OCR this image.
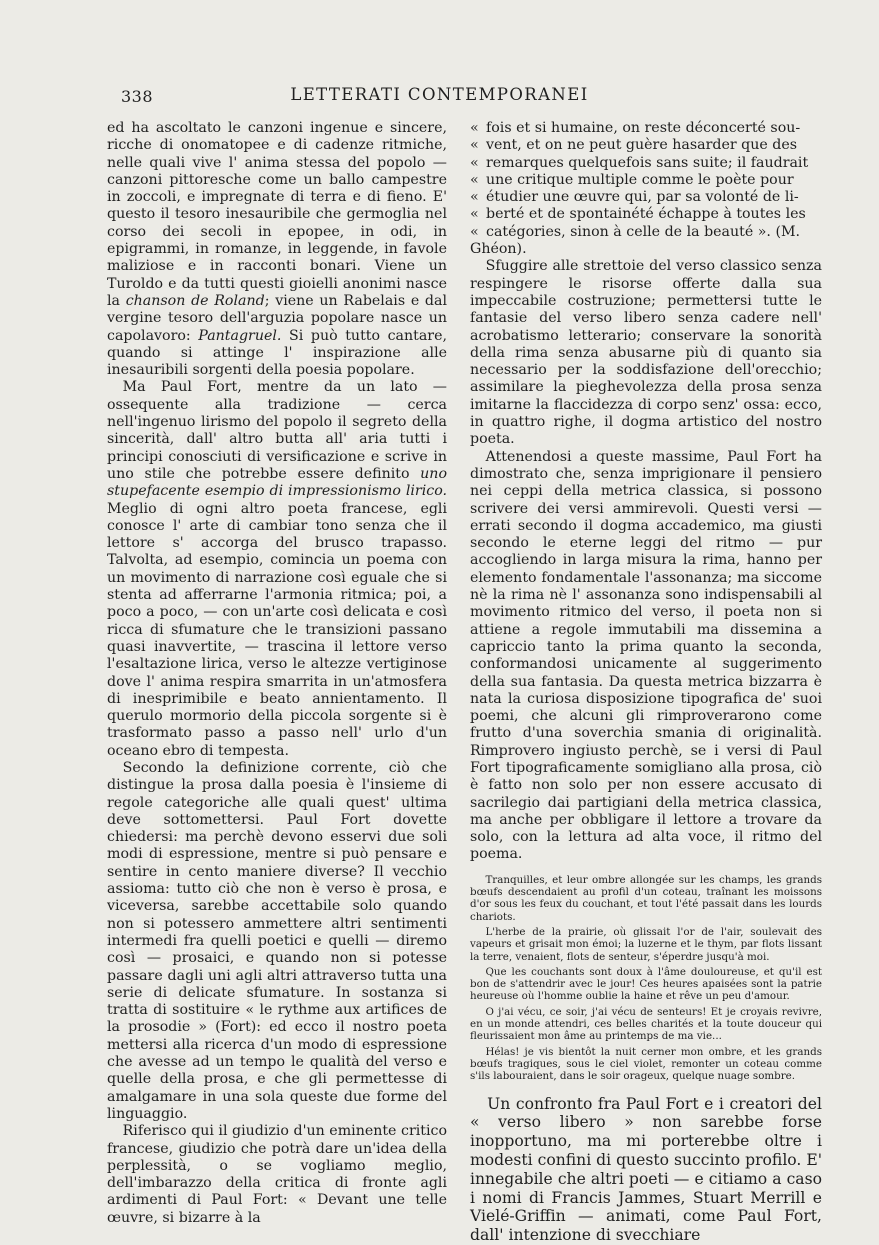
338	LETTERATI CONTEMPORANEI

ed ha ascoltato le canzoni ingenue e sincere, ricche di onomatopee e di cadenze ritmiche, nelle quali vive l' anima stessa del popolo — canzoni pittoresche come un ballo campestre in zoccoli, e impregnate di terra e di fieno. E' questo il tesoro inesauribile che germoglia nel corso dei secoli in epopee, in odi, in epigrammi, in romanze, in leggende, in favole maliziose e in racconti bonari. Viene un Turoldo e da tutti questi gioielli anonimi nasce la chanson de Roland; viene un Rabelais e dal vergine tesoro dell'arguzia popolare nasce un capolavoro: Pantagruel. Si può tutto cantare, quando si attinge l' inspirazione alle inesauribili sorgenti della poesia popolare.

Ma Paul Fort, mentre da un lato — ossequente alla tradizione — cerca nell'ingenuo lirismo del popolo il segreto della sincerità, dall' altro butta all' aria tutti i principi conosciuti di versificazione e scrive in uno stile che potrebbe essere definito uno stupefacente esempio di impressionismo lirico. Meglio di ogni altro poeta francese, egli conosce l' arte di cambiar tono senza che il lettore s' accorga del brusco trapasso. Talvolta, ad esempio, comincia un poema con un movimento di narrazione così eguale che si stenta ad afferrarne l'armonia ritmica; poi, a poco a poco, — con un'arte così delicata e così ricca di sfumature che le transizioni passano quasi inavvertite, — trascina il lettore verso l'esaltazione lirica, verso le altezze vertiginose dove l' anima respira smarrita in un'atmosfera di inesprimibile e beato annientamento. Il querulo mormorio della piccola sorgente si è trasformato passo a passo nell' urlo d'un oceano ebro di tempesta.

Secondo la definizione corrente, ciò che distingue la prosa dalla poesia è l'insieme di regole categoriche alle quali quest' ultima deve sottomettersi. Paul Fort dovette chiedersi: ma perchè devono esservi due soli modi di espressione, mentre si può pensare e sentire in cento maniere diverse? Il vecchio assioma: tutto ciò che non è verso è prosa, e viceversa, sarebbe accettabile solo quando non si potessero ammettere altri sentimenti intermedi fra quelli poetici e quelli — diremo così — prosaici, e quando non si potesse passare dagli uni agli altri attraverso tutta una serie di delicate sfumature. In sostanza si tratta di sostituire « le rythme aux artifices de la prosodie » (Fort): ed ecco il nostro poeta mettersi alla ricerca d'un modo di espressione che avesse ad un tempo le qualità del verso e quelle della prosa, e che gli permettesse di amalgamare in una sola queste due forme del linguaggio.

Riferisco qui il giudizio d'un eminente critico francese, giudizio che potrà dare un'idea della perplessità, o se vogliamo meglio, dell'imbarazzo della critica di fronte agli ardimenti di Paul Fort: « Devant une telle œuvre, si bizarre à la

« fois et si humaine, on reste déconcerté sou-

« vent, et on ne peut guère hasarder que des

« remarques quelquefois sans suite; il faudrait

« une critique multiple comme le poète pour

« étudier une œuvre qui, par sa volonté de li-

« berté et de spontainété échappe à toutes les

« catégories, sinon à celle de la beauté ». (M.

Ghéon).

Sfuggire alle strettoie del verso classico senza respingere le risorse offerte dalla sua impeccabile costruzione; permettersi tutte le fantasie del verso libero senza cadere nell' acrobatismo letterario; conservare la sonorità della rima senza abusarne più di quanto sia necessario per la soddisfazione dell'orecchio; assimilare la pieghevolezza della prosa senza imitarne la flaccidezza di corpo senz' ossa: ecco, in quattro righe, il dogma artistico del nostro poeta.

Attenendosi a queste massime, Paul Fort ha dimostrato che, senza imprigionare il pensiero nei ceppi della metrica classica, si possono scrivere dei versi ammirevoli. Questi versi — errati secondo il dogma accademico, ma giusti secondo le eterne leggi del ritmo — pur accogliendo in larga misura la rima, hanno per elemento fondamentale l'assonanza; ma siccome nè la rima nè l' assonanza sono indispensabili al movimento ritmico del verso, il poeta non si attiene a regole immutabili ma dissemina a capriccio tanto la prima quanto la seconda, conformandosi unicamente al suggerimento della sua fantasia. Da questa metrica bizzarra è nata la curiosa disposizione tipografica de' suoi poemi, che alcuni gli rimproverarono come frutto d'una soverchia smania di originalità. Rimprovero ingiusto perchè, se i versi di Paul Fort tipograficamente somigliano alla prosa, ciò è fatto non solo per non essere accusato di sacrilegio dai partigiani della metrica classica, ma anche per obbligare il lettore a trovare da solo, con la lettura ad alta voce, il ritmo del poema.

Tranquilles, et leur ombre allongée sur les champs, les grands bœufs descendaient au profil d'un coteau, traînant les moissons d'or sous les feux du couchant, et tout l'été passait dans les lourds chariots.

L'herbe de la prairie, où glissait l'or de l'air, soulevait des vapeurs et grisait mon émoi; la luzerne et le thym, par flots lissant la terre, venaient, flots de senteur, s'éperdre jusqu'à moi.

Que les couchants sont doux à l'âme douloureuse, et qu'il est bon de s'attendrir avec le jour! Ces heures apaisées sont la patrie heureuse où l'homme oublie la haine et rêve un peu d'amour.

O j'ai vécu, ce soir, j'ai vécu de senteurs! Et je croyais revivre, en un monde attendri, ces belles charités et la toute douceur qui fleurissaient mon âme au printemps de ma vie...

Hélas! je vis bientôt la nuit cerner mon ombre, et les grands bœufs tragiques, sous le ciel violet, remonter un coteau comme s'ils labouraient, dans le soir orageux, quelque nuage sombre.

Un confronto fra Paul Fort e i creatori del « verso libero » non sarebbe forse inopportuno, ma mi porterebbe oltre i modesti confini di questo succinto profilo. E' innegabile che altri poeti — e citiamo a caso i nomi di Francis Jammes, Stuart Merrill e Vielé-Griffin — animati, come Paul Fort, dall' intenzione di svecchiare
